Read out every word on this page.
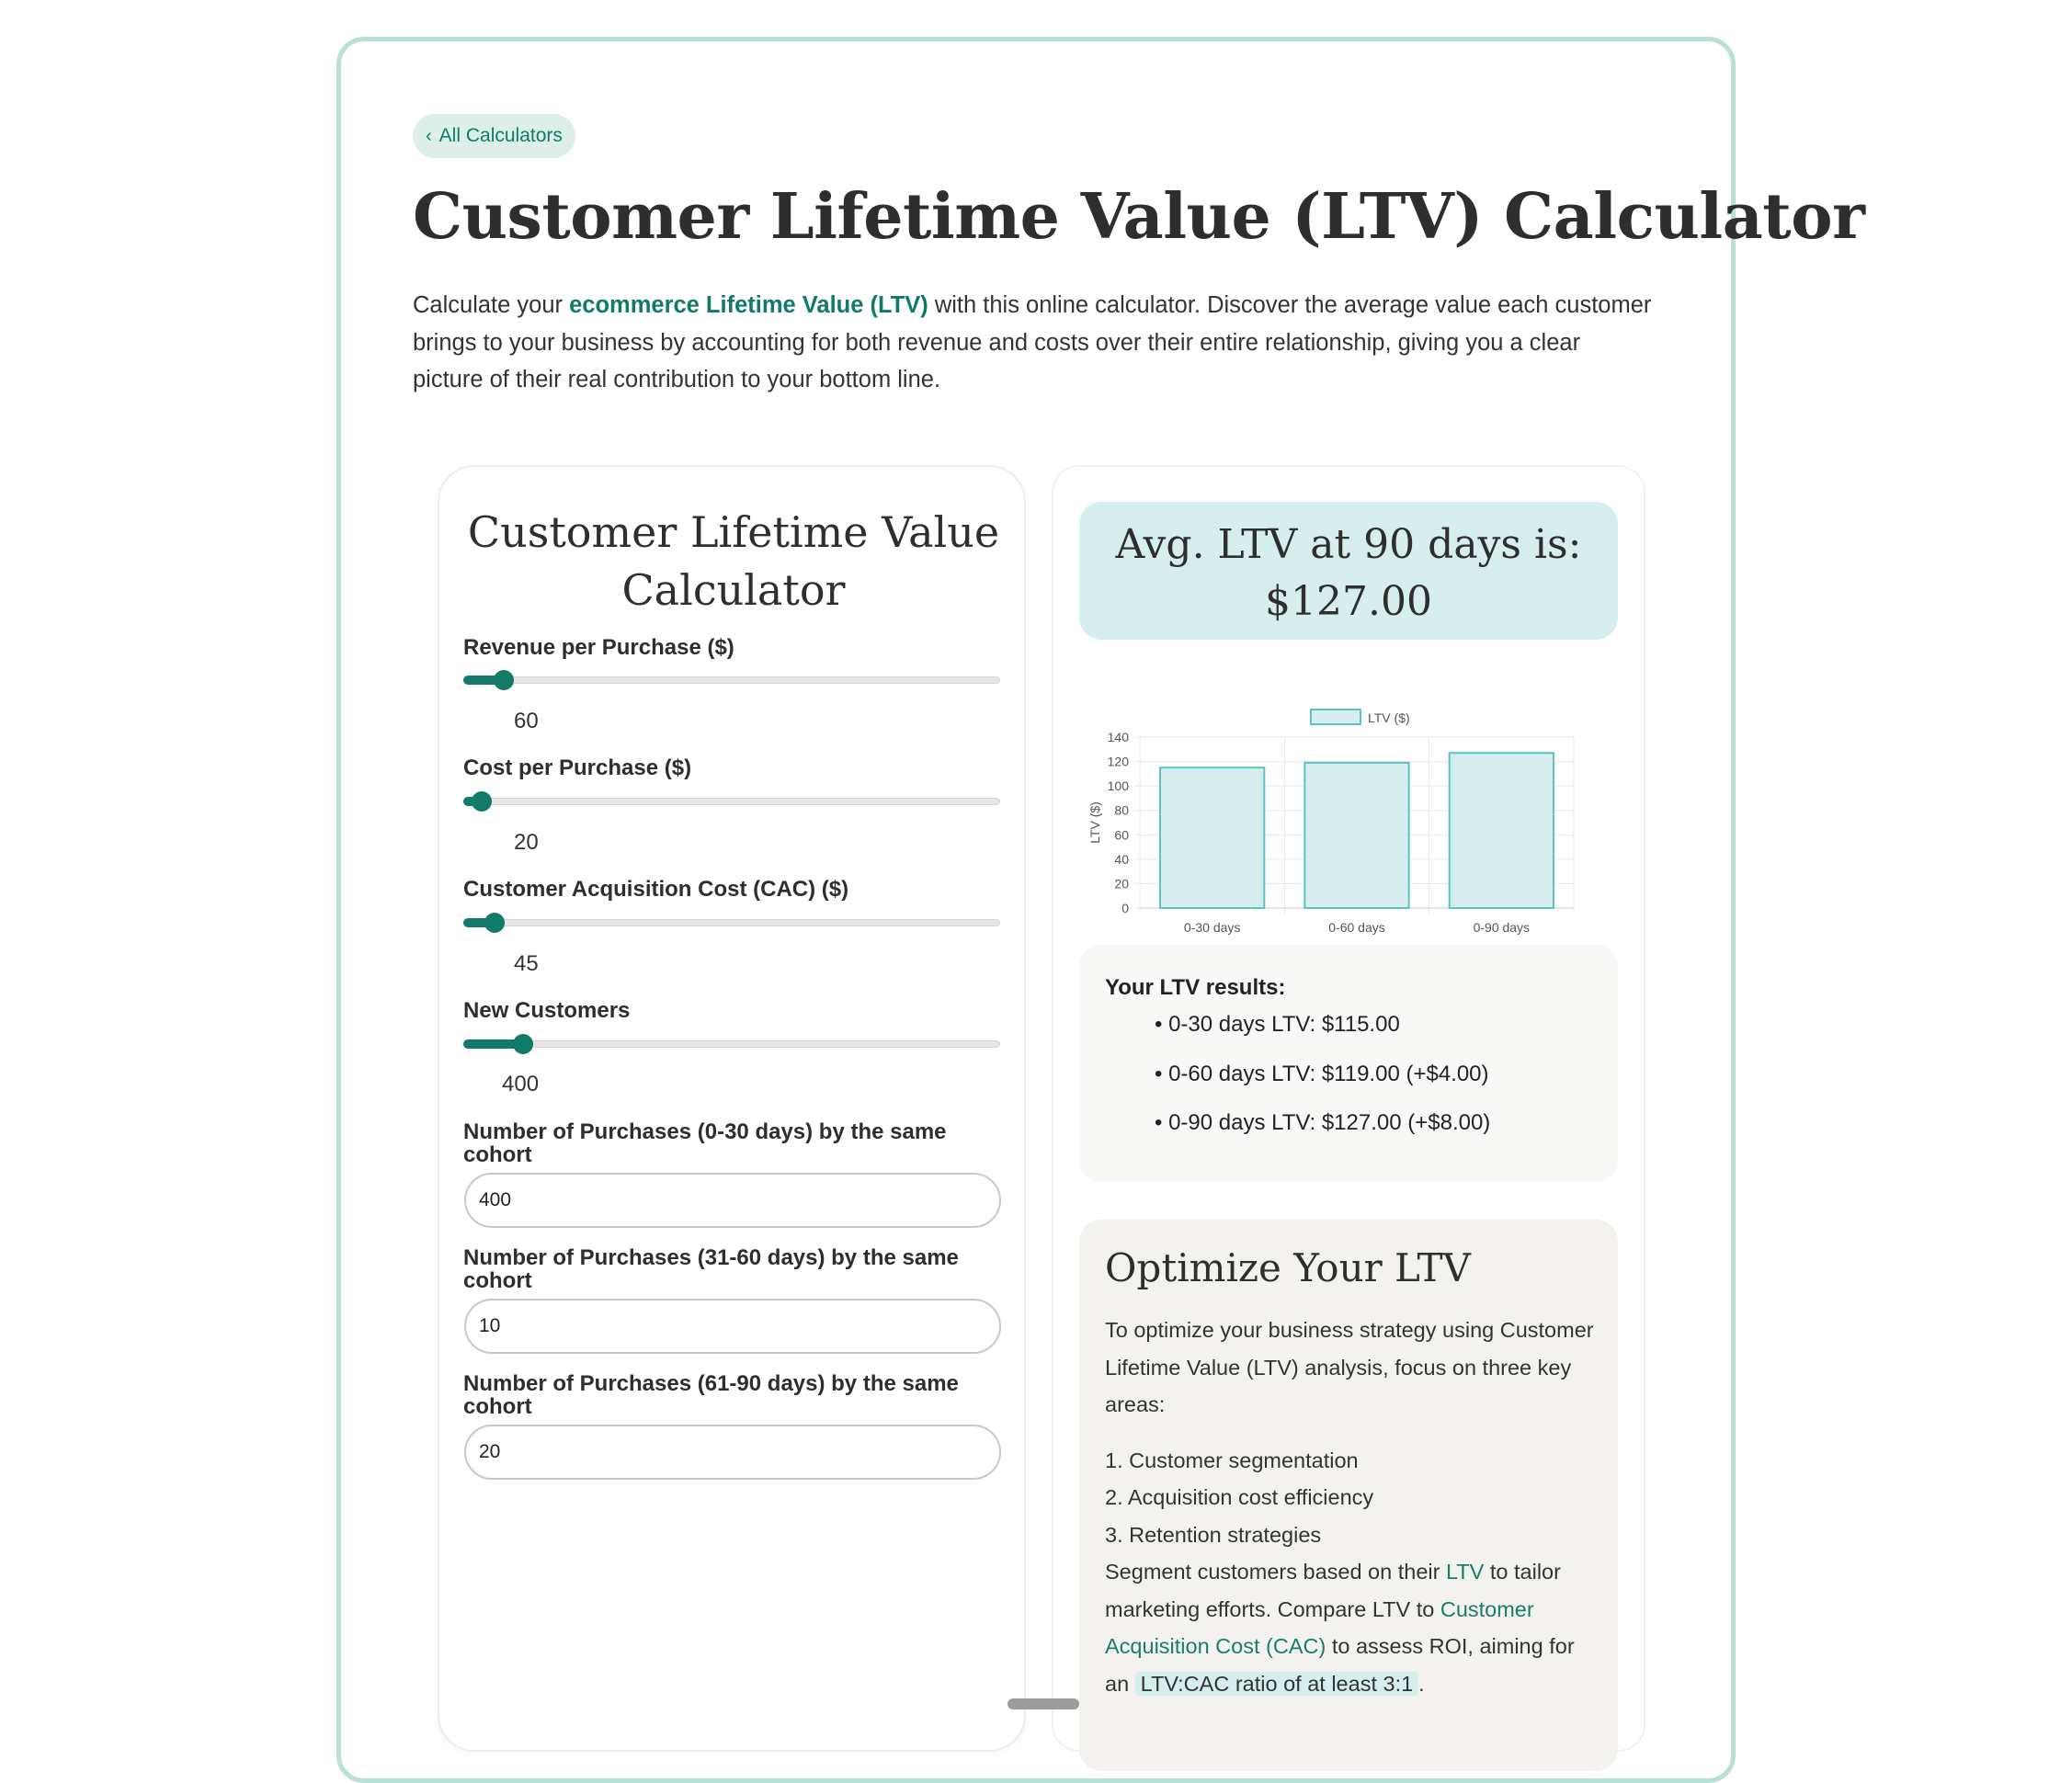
‹ All Calculators
Customer Lifetime Value (LTV) Calculator
Calculate your ecommerce Lifetime Value (LTV) with this online calculator. Discover the average value each customer brings to your business by accounting for both revenue and costs over their entire relationship, giving you a clear picture of their real contribution to your bottom line.
Customer Lifetime Value Calculator
Revenue per Purchase ($)
60
Cost per Purchase ($)
20
Customer Acquisition Cost (CAC) ($)
45
New Customers
400
Number of Purchases (0-30 days) by the same cohort
400
Number of Purchases (31-60 days) by the same cohort
10
Number of Purchases (61-90 days) by the same cohort
20
Avg. LTV at 90 days is:
$127.00
0
20
40
60
80
100
120
140
0-30 days	0-60 days	0-90 days
LTV ($)
LTV ($)
Your LTV results:
• 0-30 days LTV: $115.00
• 0-60 days LTV: $119.00 (+$4.00)
• 0-90 days LTV: $127.00 (+$8.00)
Optimize Your LTV
To optimize your business strategy using Customer Lifetime Value (LTV) analysis, focus on three key areas:
1. Customer segmentation
2. Acquisition cost efficiency
3. Retention strategies
Segment customers based on their LTV to tailor marketing efforts. Compare LTV to Customer Acquisition Cost (CAC) to assess ROI, aiming for an LTV:CAC ratio of at least 3:1 .
